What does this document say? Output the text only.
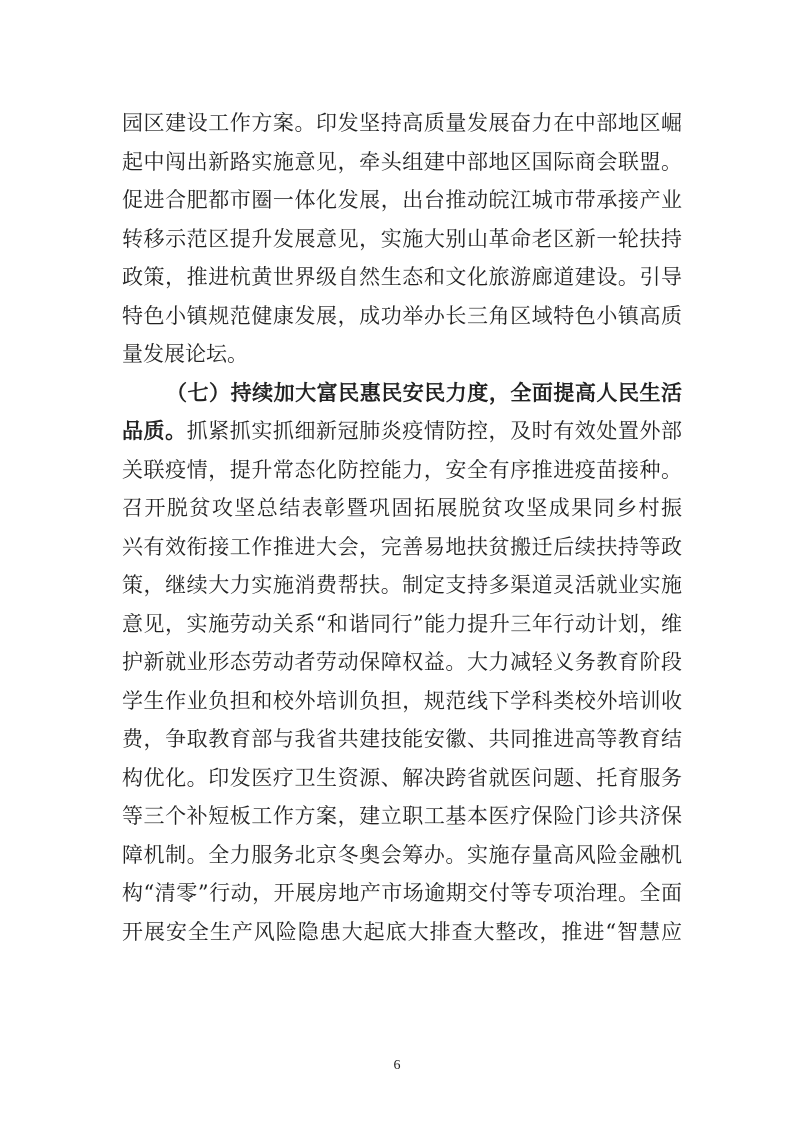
园区建设工作方案。印发坚持高质量发展奋力在中部地区崛
起中闯出新路实施意见，牵头组建中部地区国际商会联盟。
促进合肥都市圈一体化发展，出台推动皖江城市带承接产业
转移示范区提升发展意见，实施大别山革命老区新一轮扶持
政策，推进杭黄世界级自然生态和文化旅游廊道建设。引导
特色小镇规范健康发展，成功举办长三角区域特色小镇高质
量发展论坛。
（七）持续加大富民惠民安民力度，全面提高人民生活
品质。抓紧抓实抓细新冠肺炎疫情防控，及时有效处置外部
关联疫情，提升常态化防控能力，安全有序推进疫苗接种。
召开脱贫攻坚总结表彰暨巩固拓展脱贫攻坚成果同乡村振
兴有效衔接工作推进大会，完善易地扶贫搬迁后续扶持等政
策，继续大力实施消费帮扶。制定支持多渠道灵活就业实施
意见，实施劳动关系“和谐同行”能力提升三年行动计划，维
护新就业形态劳动者劳动保障权益。大力减轻义务教育阶段
学生作业负担和校外培训负担，规范线下学科类校外培训收
费，争取教育部与我省共建技能安徽、共同推进高等教育结
构优化。印发医疗卫生资源、解决跨省就医问题、托育服务
等三个补短板工作方案，建立职工基本医疗保险门诊共济保
障机制。全力服务北京冬奥会筹办。实施存量高风险金融机
构“清零”行动，开展房地产市场逾期交付等专项治理。全面
开展安全生产风险隐患大起底大排查大整改，推进“智慧应
6
